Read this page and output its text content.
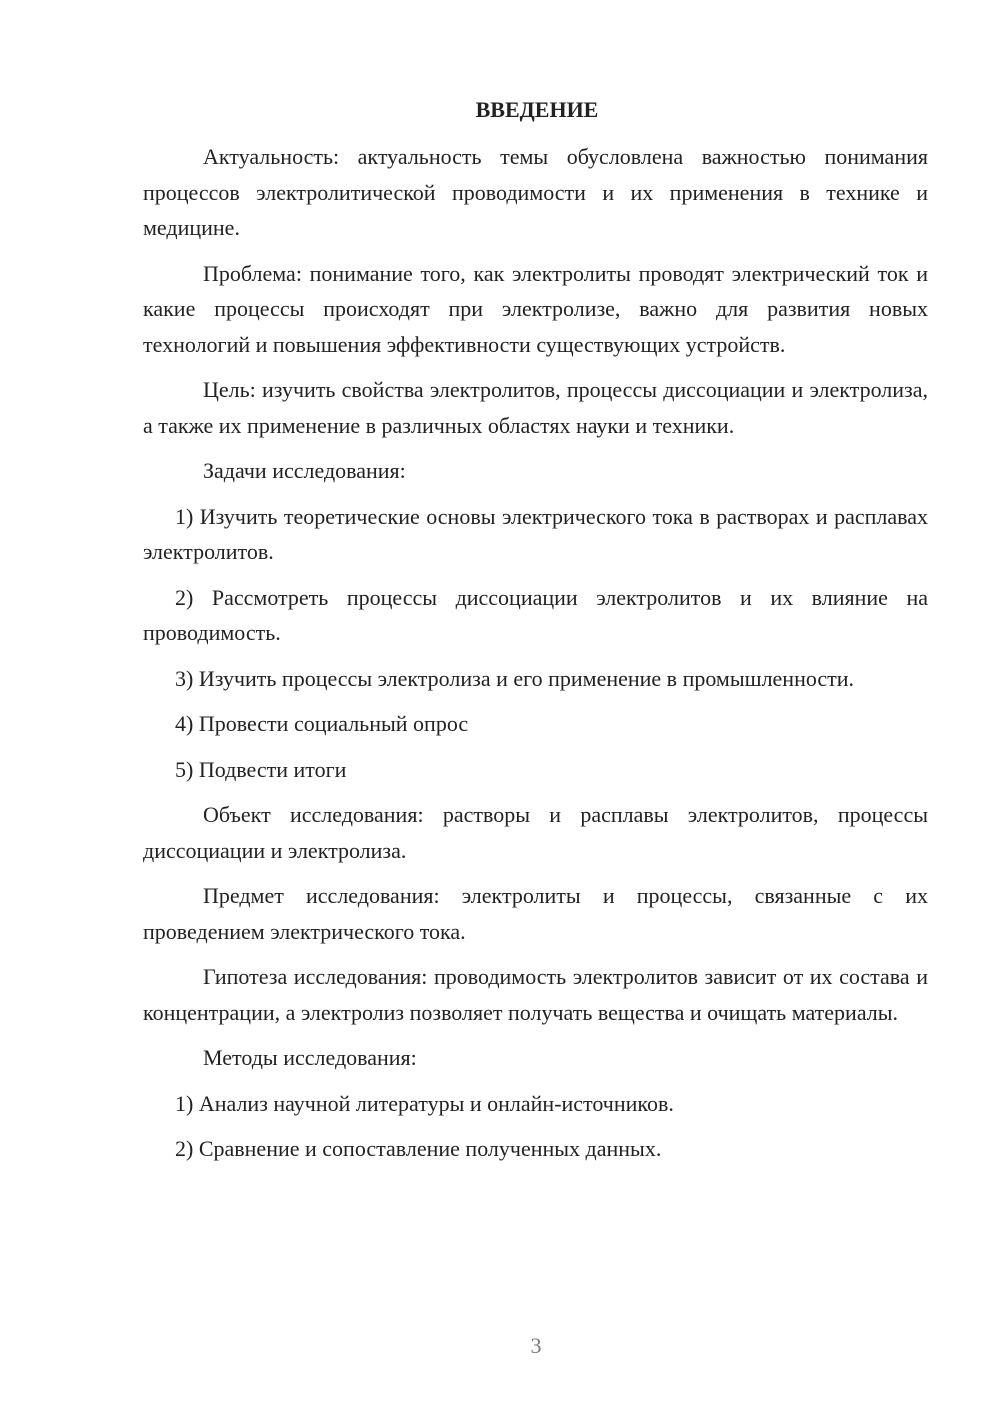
ВВЕДЕНИЕ

Актуальность: актуальность темы обусловлена важностью понимания процессов электролитической проводимости и их применения в технике и медицине.

Проблема: понимание того, как электролиты проводят электрический ток и какие процессы происходят при электролизе, важно для развития новых технологий и повышения эффективности существующих устройств.

Цель: изучить свойства электролитов, процессы диссоциации и электролиза, а также их применение в различных областях науки и техники.

Задачи исследования:

1) Изучить теоретические основы электрического тока в растворах и расплавах электролитов.

2) Рассмотреть процессы диссоциации электролитов и их влияние на проводимость.

3) Изучить процессы электролиза и его применение в промышленности.

4) Провести социальный опрос

5) Подвести итоги

Объект исследования: растворы и расплавы электролитов, процессы диссоциации и электролиза.

Предмет исследования: электролиты и процессы, связанные с их проведением электрического тока.

Гипотеза исследования: проводимость электролитов зависит от их состава и концентрации, а электролиз позволяет получать вещества и очищать материалы.

Методы исследования:

1) Анализ научной литературы и онлайн-источников.

2) Сравнение и сопоставление полученных данных.

3
